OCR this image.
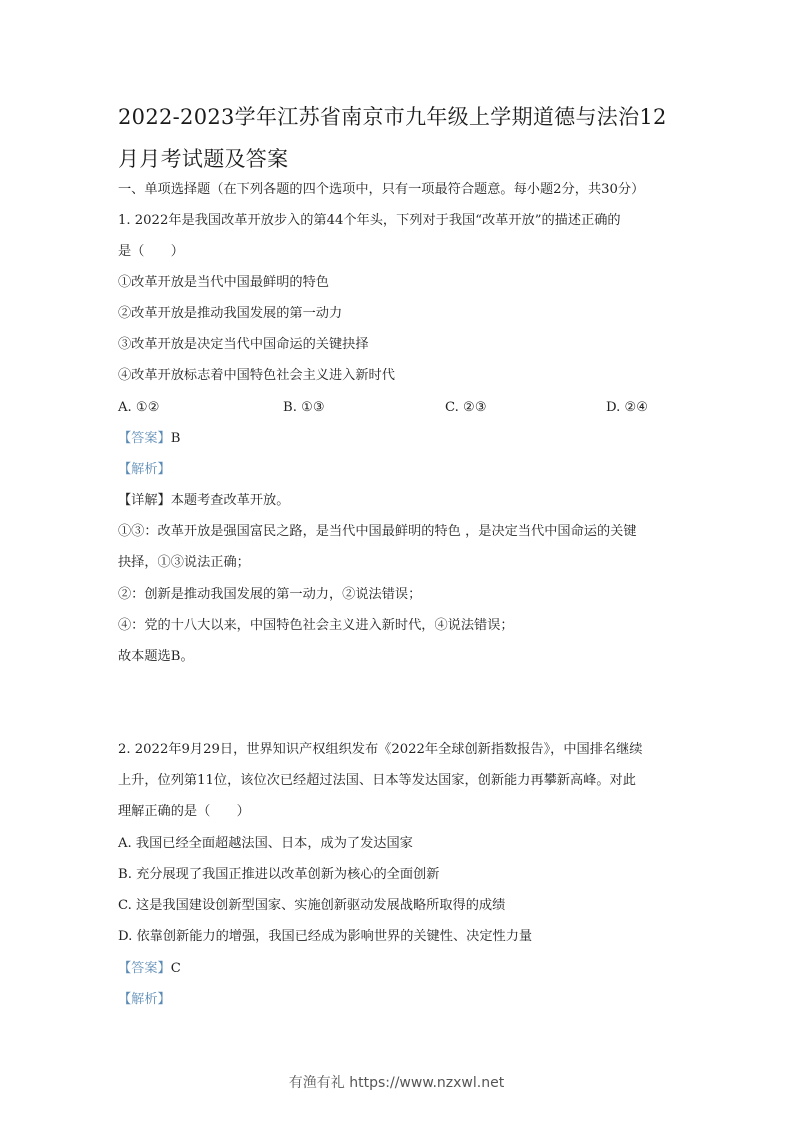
2022-2023学年江苏省南京市九年级上学期道德与法治12
月月考试题及答案
一、单项选择题（在下列各题的四个选项中，只有一项最符合题意。每小题2分，共30分）
1. 2022年是我国改革开放步入的第44个年头，下列对于我国“改革开放”的描述正确的
是（　　）
①改革开放是当代中国最鲜明的特色
②改革开放是推动我国发展的第一动力
③改革开放是决定当代中国命运的关键抉择
④改革开放标志着中国特色社会主义进入新时代
A. ①②	B. ①③	C. ②③	D. ②④
【答案】B
【解析】
【详解】本题考查改革开放。
①③：改革开放是强国富民之路，是当代中国最鲜明的特色 ，是决定当代中国命运的关键
抉择，①③说法正确；
②：创新是推动我国发展的第一动力，②说法错误；
④：党的十八大以来，中国特色社会主义进入新时代，④说法错误；
故本题选B。
2. 2022年9月29日，世界知识产权组织发布《2022年全球创新指数报告》，中国排名继续
上升，位列第11位，该位次已经超过法国、日本等发达国家，创新能力再攀新高峰。对此
理解正确的是（　　）
A. 我国已经全面超越法国、日本，成为了发达国家
B. 充分展现了我国正推进以改革创新为核心的全面创新
C. 这是我国建设创新型国家、实施创新驱动发展战略所取得的成绩
D. 依靠创新能力的增强，我国已经成为影响世界的关键性、决定性力量
【答案】C
【解析】
有渔有礼 https://www.nzxwl.net
